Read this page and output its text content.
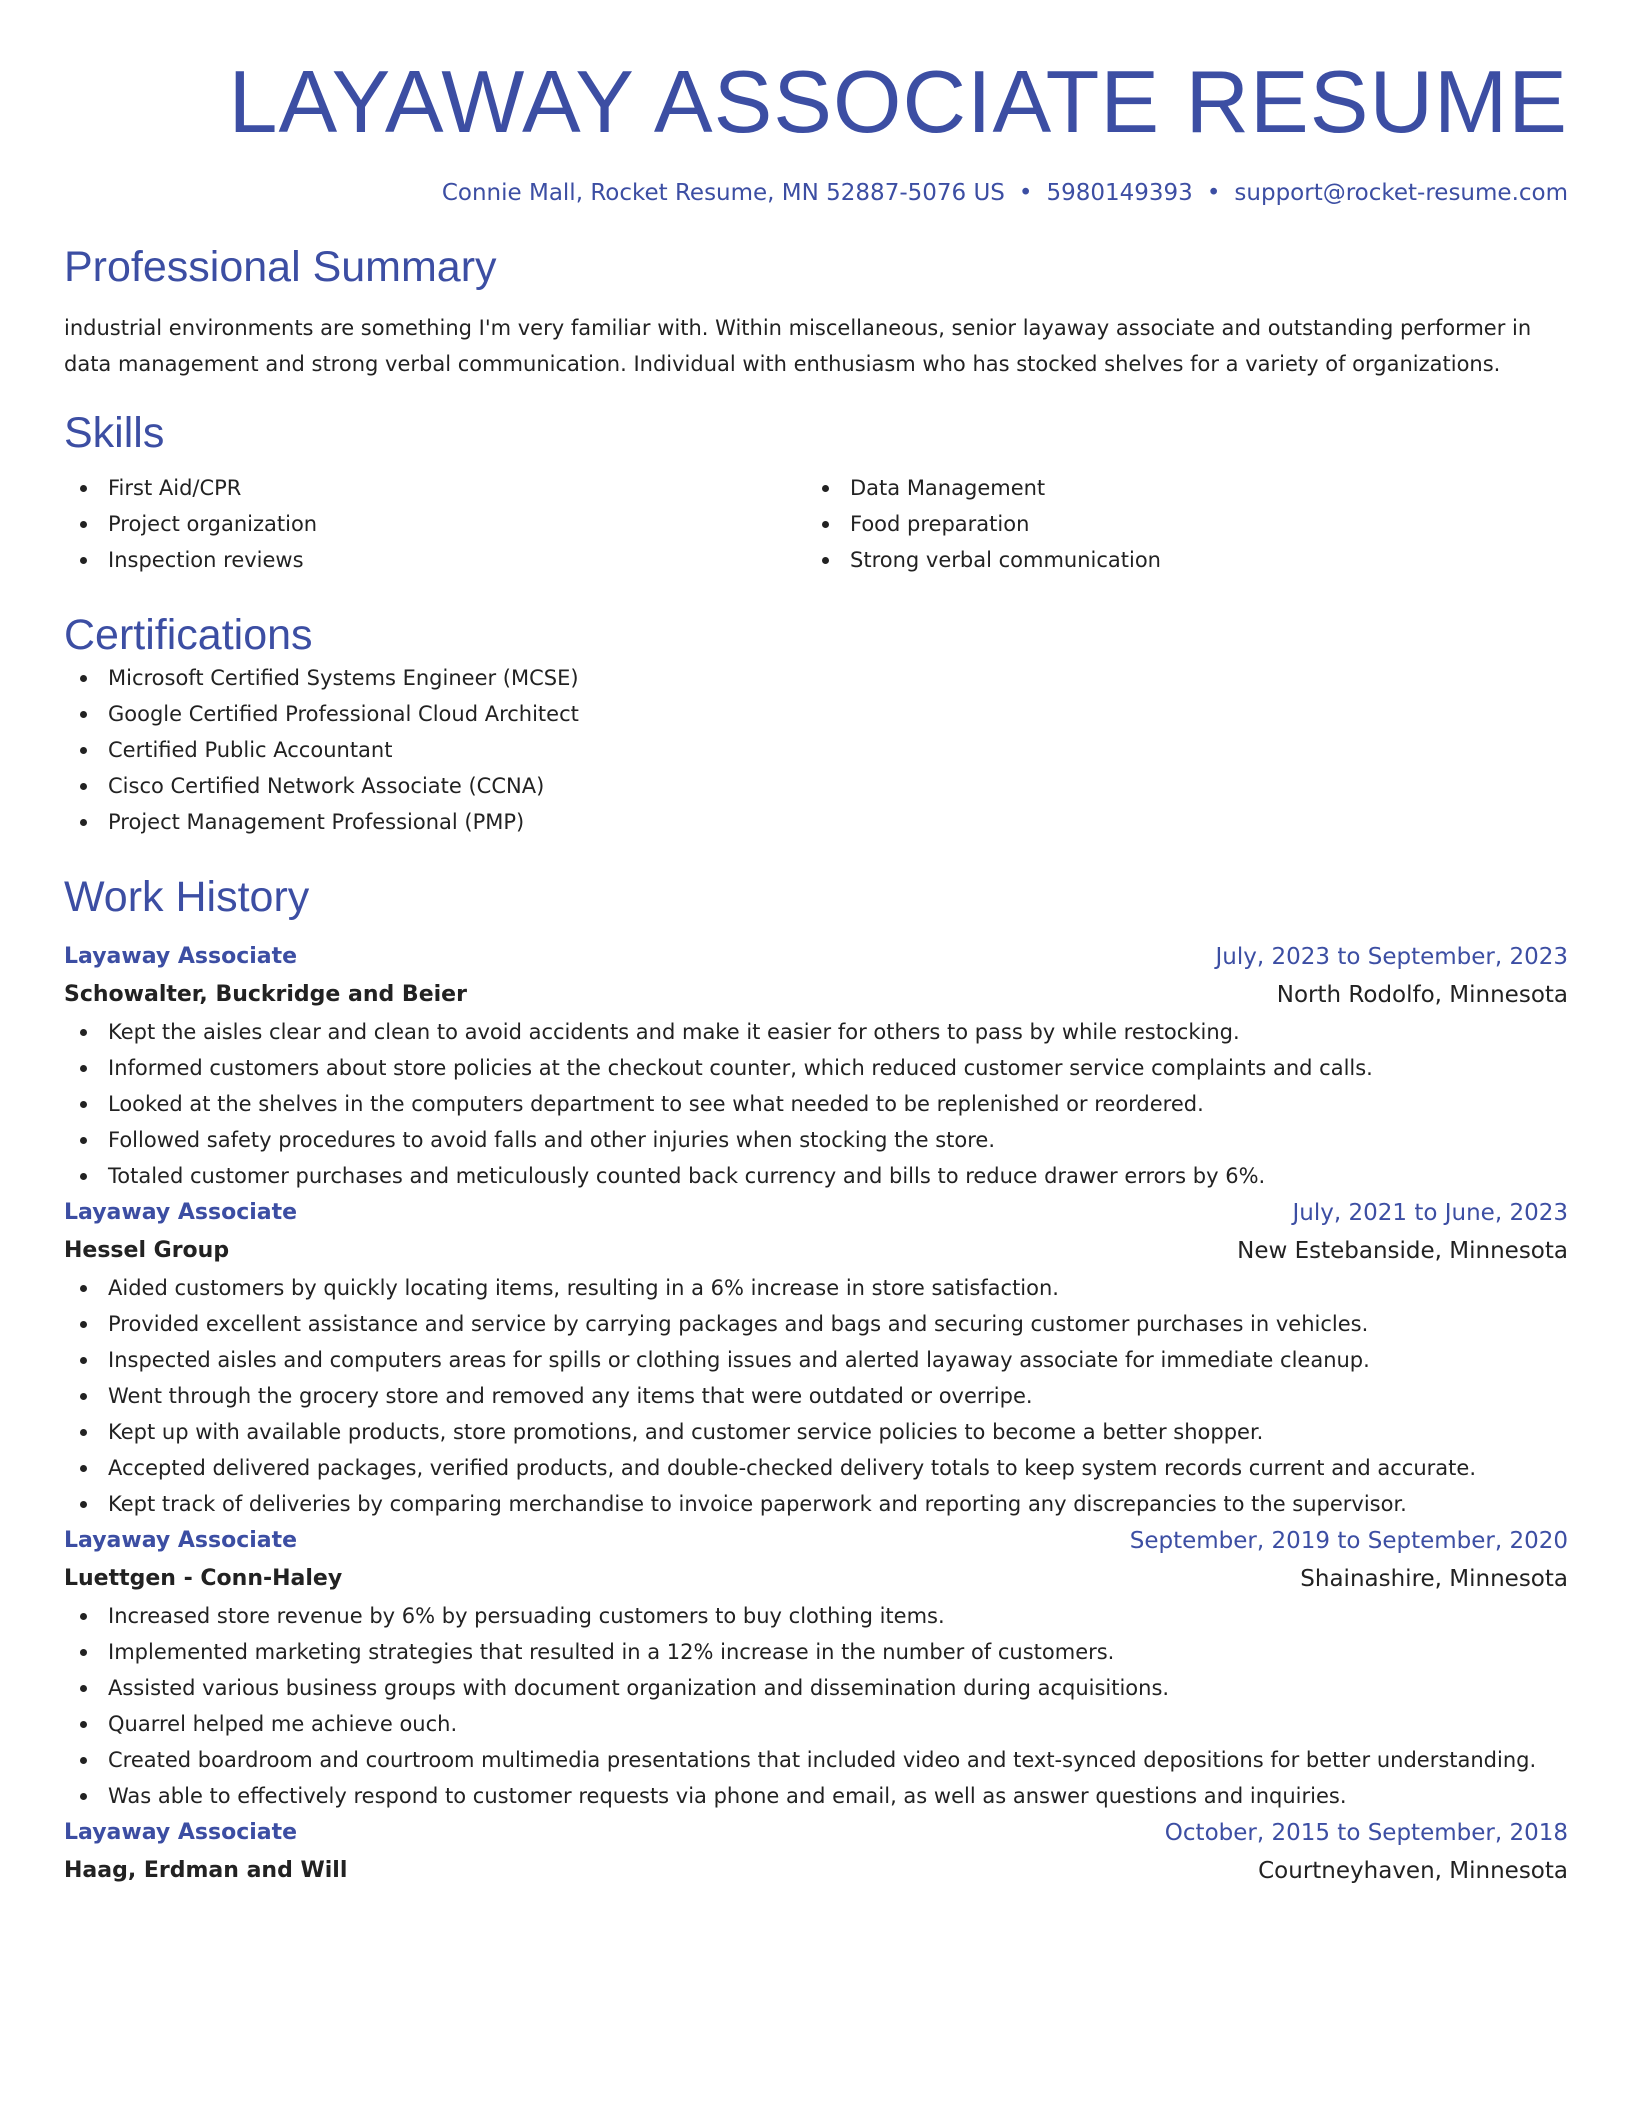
LAYAWAY ASSOCIATE RESUME
Connie Mall, Rocket Resume, MN 52887-5076 US • 5980149393 • support@rocket-resume.com
Professional Summary

industrial environments are something I'm very familiar with. Within miscellaneous, senior layaway associate and outstanding performer in data management and strong verbal communication. Individual with enthusiasm who has stocked shelves for a variety of organizations.

Skills
First Aid/CPR
Project organization
Inspection reviews
Data Management
Food preparation
Strong verbal communication
Certifications
Microsoft Certified Systems Engineer (MCSE)
Google Certified Professional Cloud Architect
Certified Public Accountant
Cisco Certified Network Associate (CCNA)
Project Management Professional (PMP)
Work History
Layaway Associate	July, 2023 to September, 2023
Schowalter, Buckridge and Beier	North Rodolfo, Minnesota
Kept the aisles clear and clean to avoid accidents and make it easier for others to pass by while restocking.
Informed customers about store policies at the checkout counter, which reduced customer service complaints and calls.
Looked at the shelves in the computers department to see what needed to be replenished or reordered.
Followed safety procedures to avoid falls and other injuries when stocking the store.
Totaled customer purchases and meticulously counted back currency and bills to reduce drawer errors by 6%.
Layaway Associate	July, 2021 to June, 2023
Hessel Group	New Estebanside, Minnesota
Aided customers by quickly locating items, resulting in a 6% increase in store satisfaction.
Provided excellent assistance and service by carrying packages and bags and securing customer purchases in vehicles.
Inspected aisles and computers areas for spills or clothing issues and alerted layaway associate for immediate cleanup.
Went through the grocery store and removed any items that were outdated or overripe.
Kept up with available products, store promotions, and customer service policies to become a better shopper.
Accepted delivered packages, verified products, and double-checked delivery totals to keep system records current and accurate.
Kept track of deliveries by comparing merchandise to invoice paperwork and reporting any discrepancies to the supervisor.
Layaway Associate	September, 2019 to September, 2020
Luettgen - Conn-Haley	Shainashire, Minnesota
Increased store revenue by 6% by persuading customers to buy clothing items.
Implemented marketing strategies that resulted in a 12% increase in the number of customers.
Assisted various business groups with document organization and dissemination during acquisitions.
Quarrel helped me achieve ouch.
Created boardroom and courtroom multimedia presentations that included video and text-synced depositions for better understanding.
Was able to effectively respond to customer requests via phone and email, as well as answer questions and inquiries.
Layaway Associate	October, 2015 to September, 2018
Haag, Erdman and Will	Courtneyhaven, Minnesota
